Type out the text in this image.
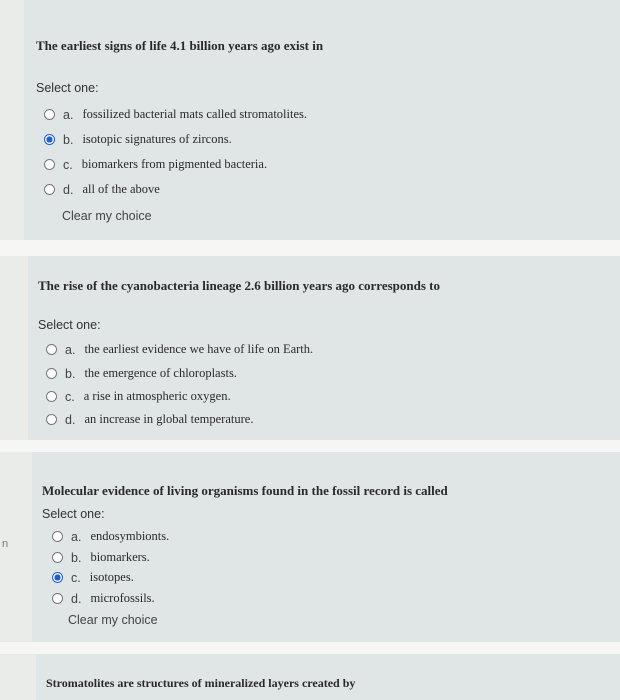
n
The earliest signs of life 4.1 billion years ago exist in
Select one:
a. fossilized bacterial mats called stromatolites.
b. isotopic signatures of zircons.
c. biomarkers from pigmented bacteria.
d. all of the above
Clear my choice
The rise of the cyanobacteria lineage 2.6 billion years ago corresponds to
Select one:
a. the earliest evidence we have of life on Earth.
b. the emergence of chloroplasts.
c. a rise in atmospheric oxygen.
d. an increase in global temperature.
Molecular evidence of living organisms found in the fossil record is called
Select one:
a. endosymbionts.
b. biomarkers.
c. isotopes.
d. microfossils.
Clear my choice
Stromatolites are structures of mineralized layers created by
